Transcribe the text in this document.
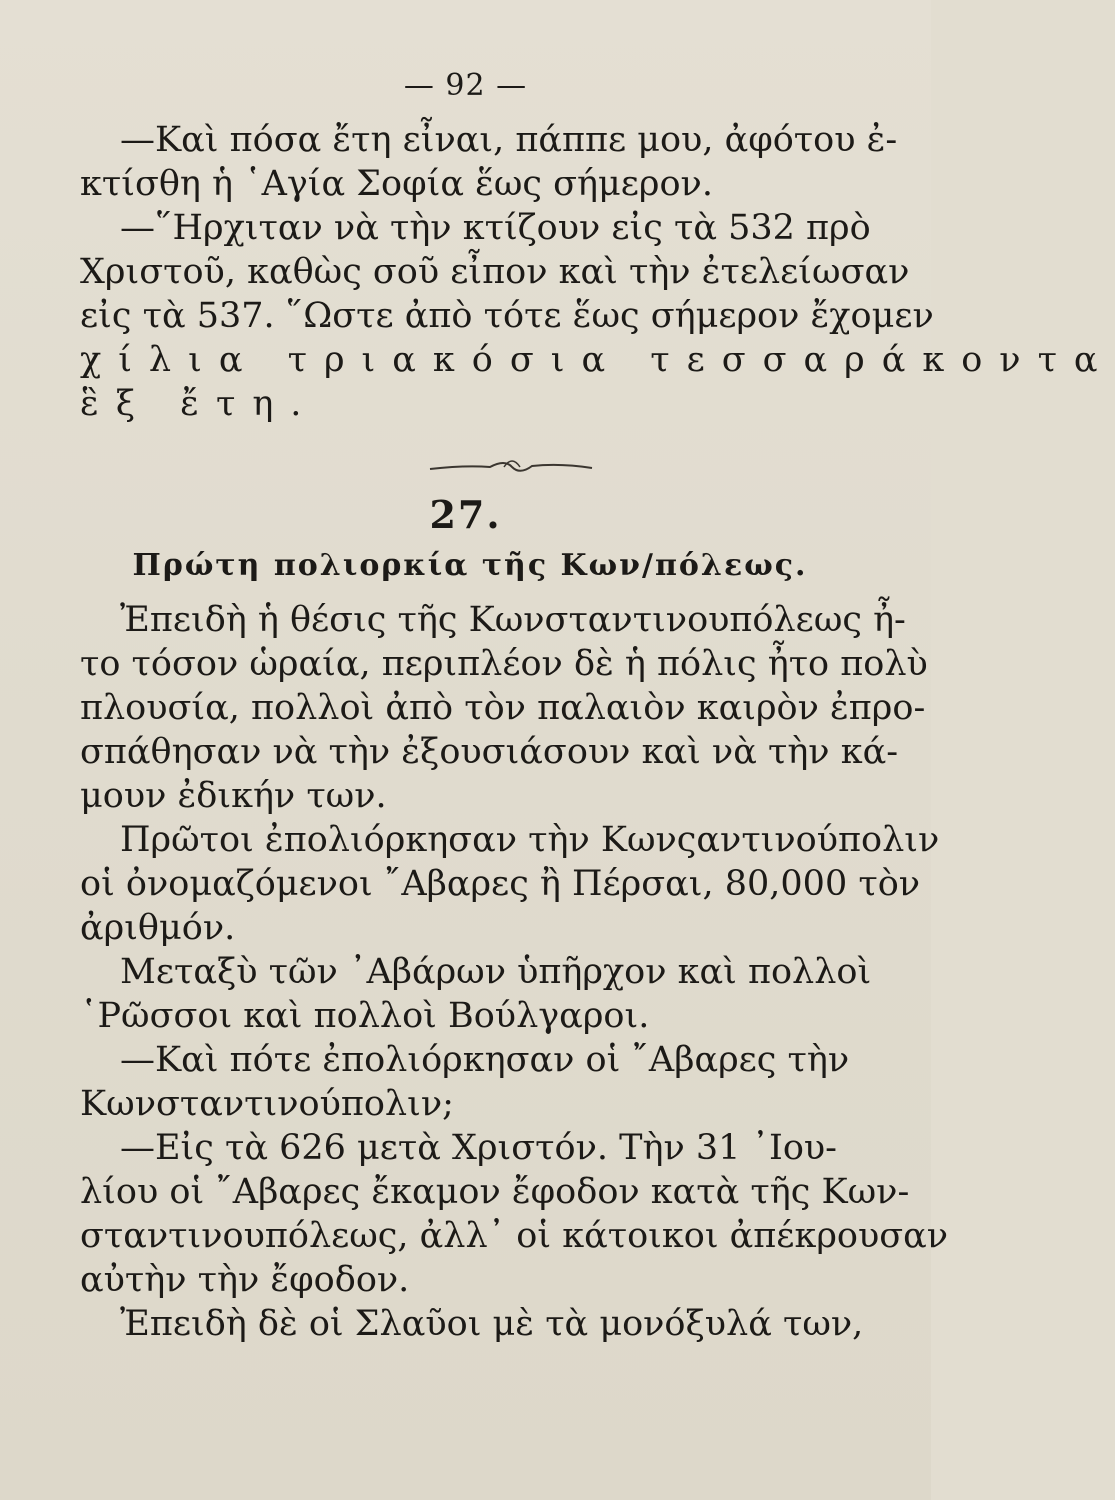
— 92 —
—Καὶ πόσα ἔτη εἶναι, πάππε μου, ἀφότου ἐ-
κτίσθη ἡ ῾Αγία Σοφία ἕως σήμερον.
—῞Ηρχιταν νὰ τὴν κτίζουν εἰς τὰ 532 πρὸ
Χριστοῦ, καθὼς σοῦ εἶπον καὶ τὴν ἐτελείωσαν
εἰς τὰ 537. ῞Ωστε ἀπὸ τότε ἕως σήμερον ἔχομεν
χίλια τριακόσια τεσσαράκοντα
ἓξ ἔτη.
27.
Πρώτη πολιορκία τῆς Κων/πόλεως.
Ἐπειδὴ ἡ θέσις τῆς Κωνσταντινουπόλεως ἦ-
το τόσον ὡραία, περιπλέον δὲ ἡ πόλις ἦτο πολὺ
πλουσία, πολλοὶ ἀπὸ τὸν παλαιὸν καιρὸν ἐπρο-
σπάθησαν νὰ τὴν ἐξουσιάσουν καὶ νὰ τὴν κά-
μουν ἐδικήν των.
Πρῶτοι ἐπολιόρκησαν τὴν Κωνςαντινούπολιν
οἱ ὀνομαζόμενοι ῎Αβαρες ἢ Πέρσαι, 80,000 τὸν
ἀριθμόν.
Μεταξὺ τῶν ᾽Αβάρων ὑπῆρχον καὶ πολλοὶ
῾Ρῶσσοι καὶ πολλοὶ Βούλγαροι.
—Καὶ πότε ἐπολιόρκησαν οἱ ῎Αβαρες τὴν
Κωνσταντινούπολιν;
—Εἰς τὰ 626 μετὰ Χριστόν. Τὴν 31 ᾽Ιου-
λίου οἱ ῎Αβαρες ἔκαμον ἔφοδον κατὰ τῆς Κων-
σταντινουπόλεως, ἀλλ᾽ οἱ κάτοικοι ἀπέκρουσαν
αὐτὴν τὴν ἔφοδον.
Ἐπειδὴ δὲ οἱ Σλαῦοι μὲ τὰ μονόξυλά των,
